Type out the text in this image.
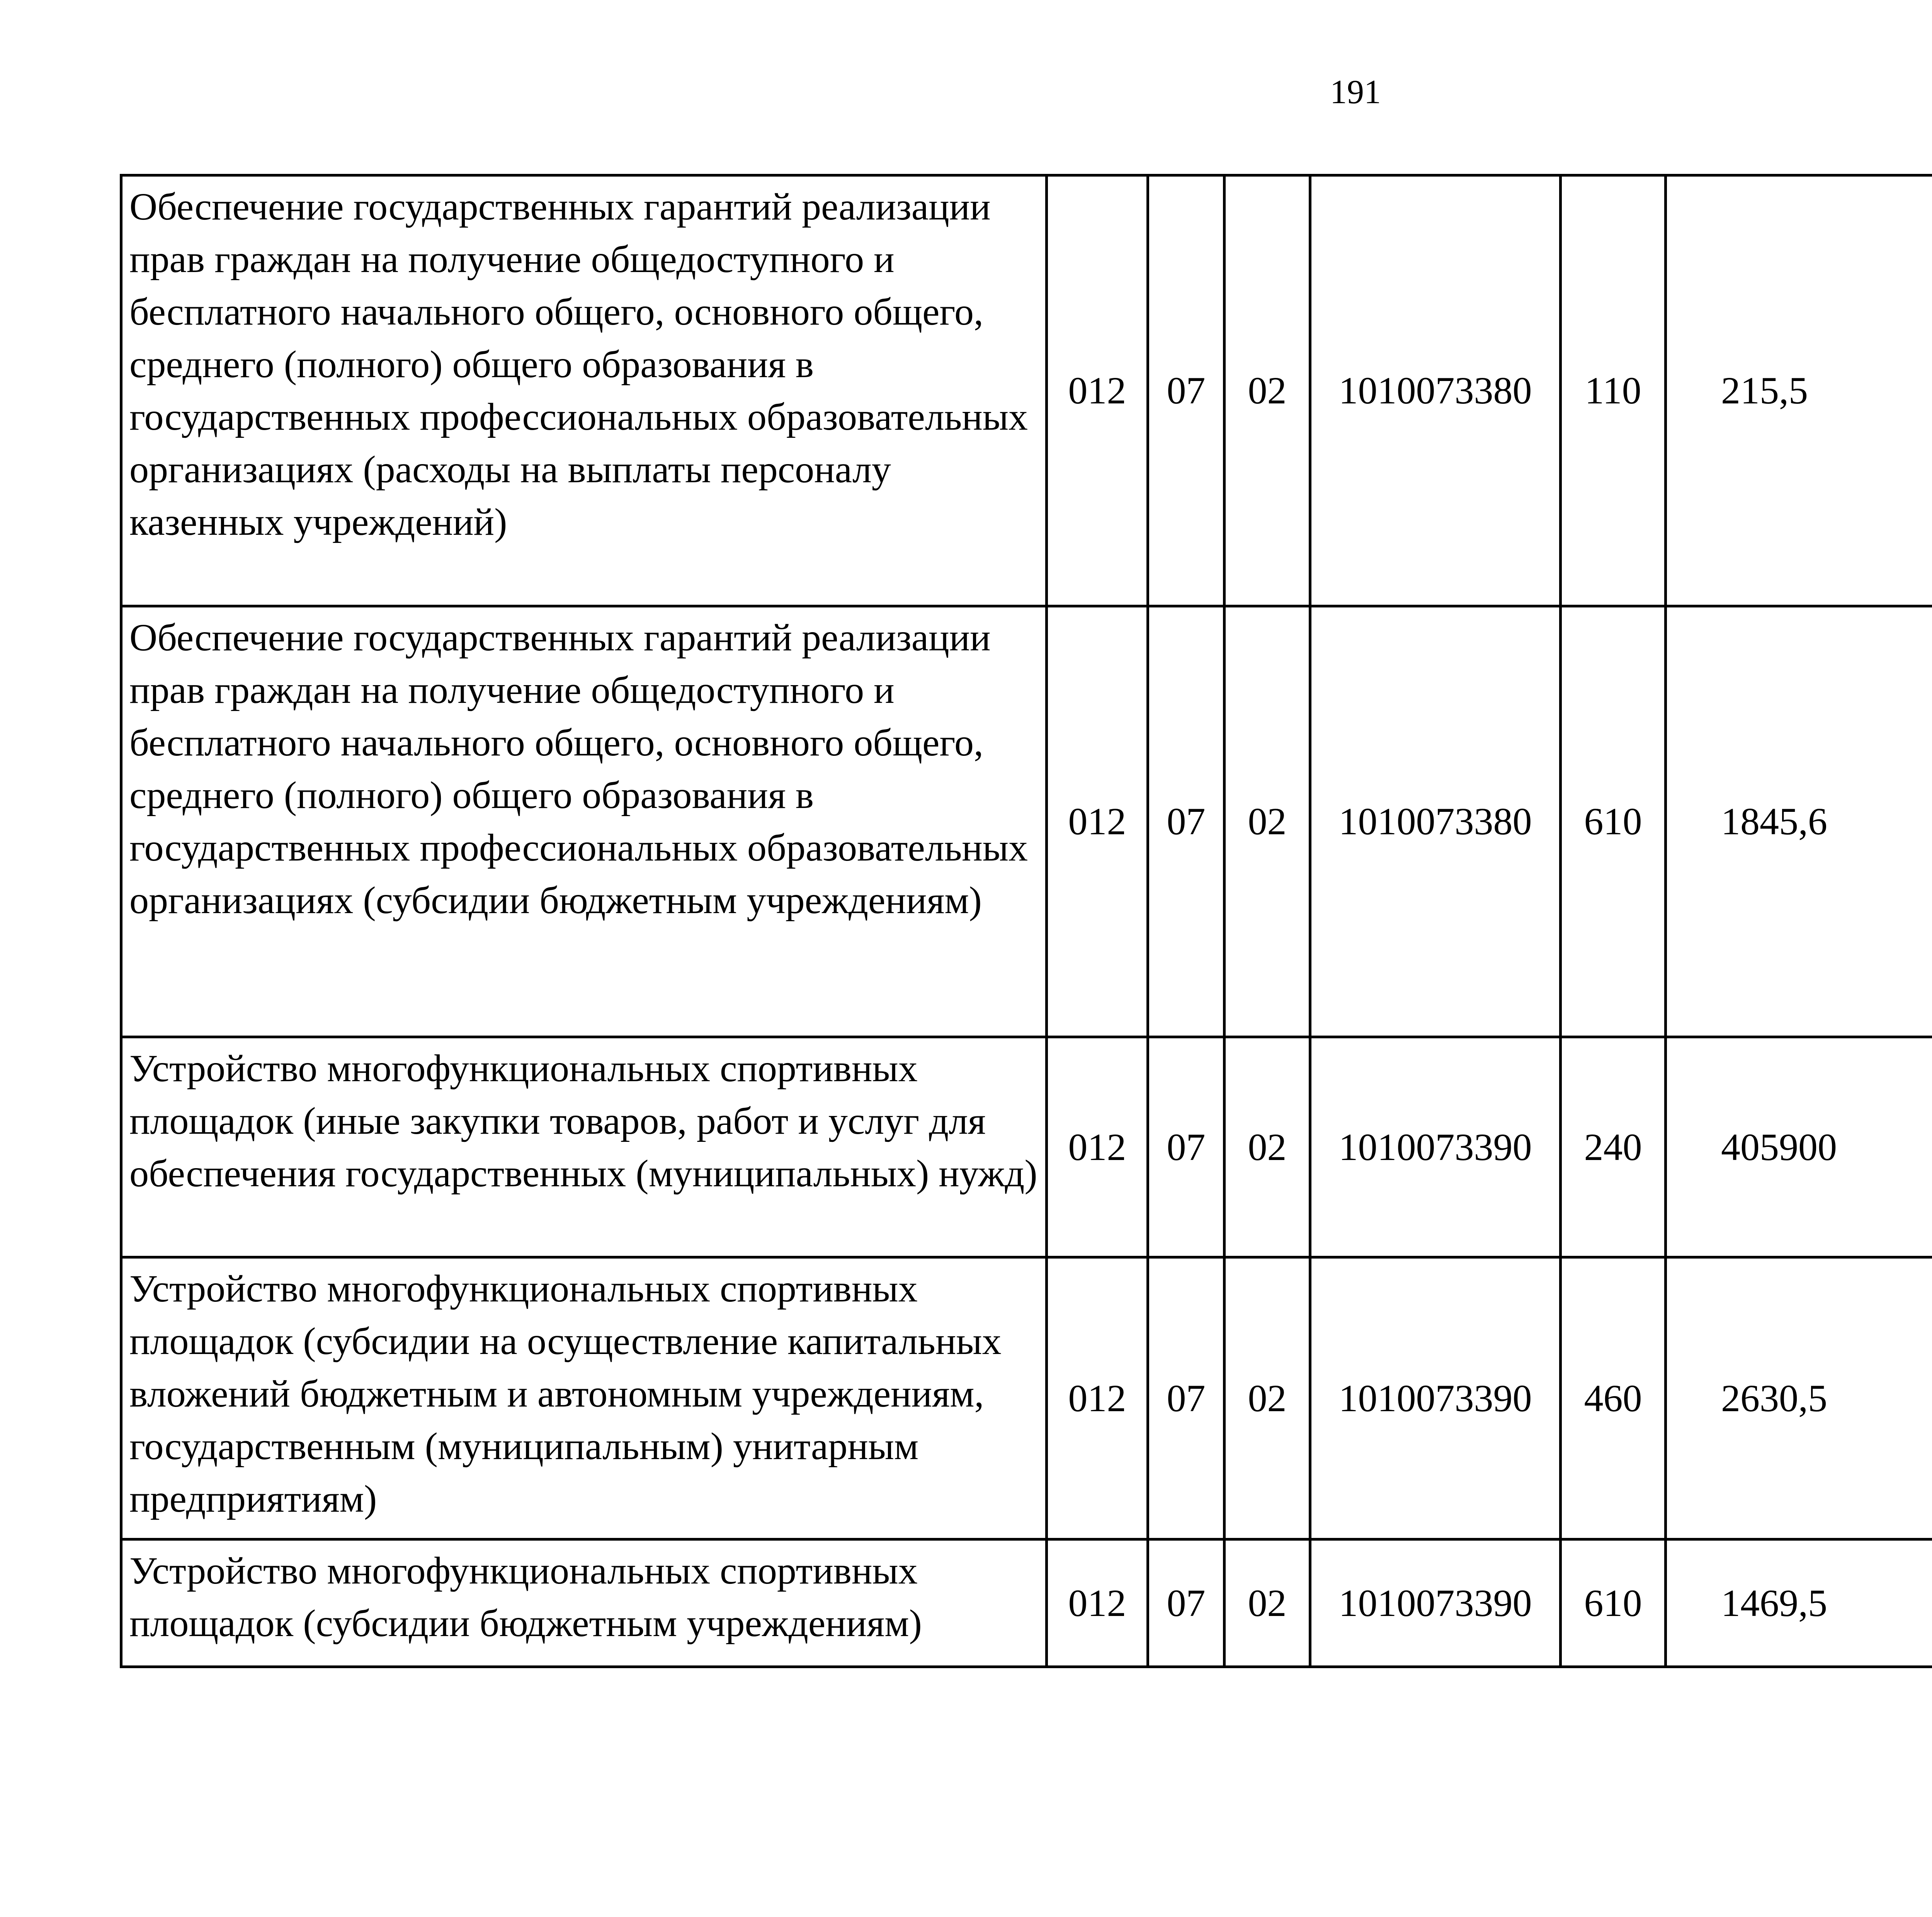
191
Обеспечение государственных гарантий реализации прав граждан на получение общедоступного и бесплатного начального общего, основного общего, среднего (полного) общего образования в государственных профессиональных образовательных организациях (расходы на выплаты персоналу казенных учреждений)	012	07	02	1010073380	110	215,5		
Обеспечение государственных гарантий реализации прав граждан на получение общедоступного и бесплатного начального общего, основного общего, среднего (полного) общего образования в государственных профессиональных образовательных организациях (субсидии бюджетным учреждениям)	012	07	02	1010073380	610	1845,6		
Устройство многофункциональных спортивных площадок (иные закупки товаров, работ и услуг для обеспечения государственных (муниципальных) нужд)	012	07	02	1010073390	240	405900		
Устройство многофункциональных спортивных площадок (субсидии на осуществление капитальных вложений бюджетным и автономным учреждениям, государственным (муниципальным) унитарным предприятиям)	012	07	02	1010073390	460	2630,5		
Устройство многофункциональных спортивных площадок (субсидии бюджетным учреждениям)	012	07	02	1010073390	610	1469,5		
